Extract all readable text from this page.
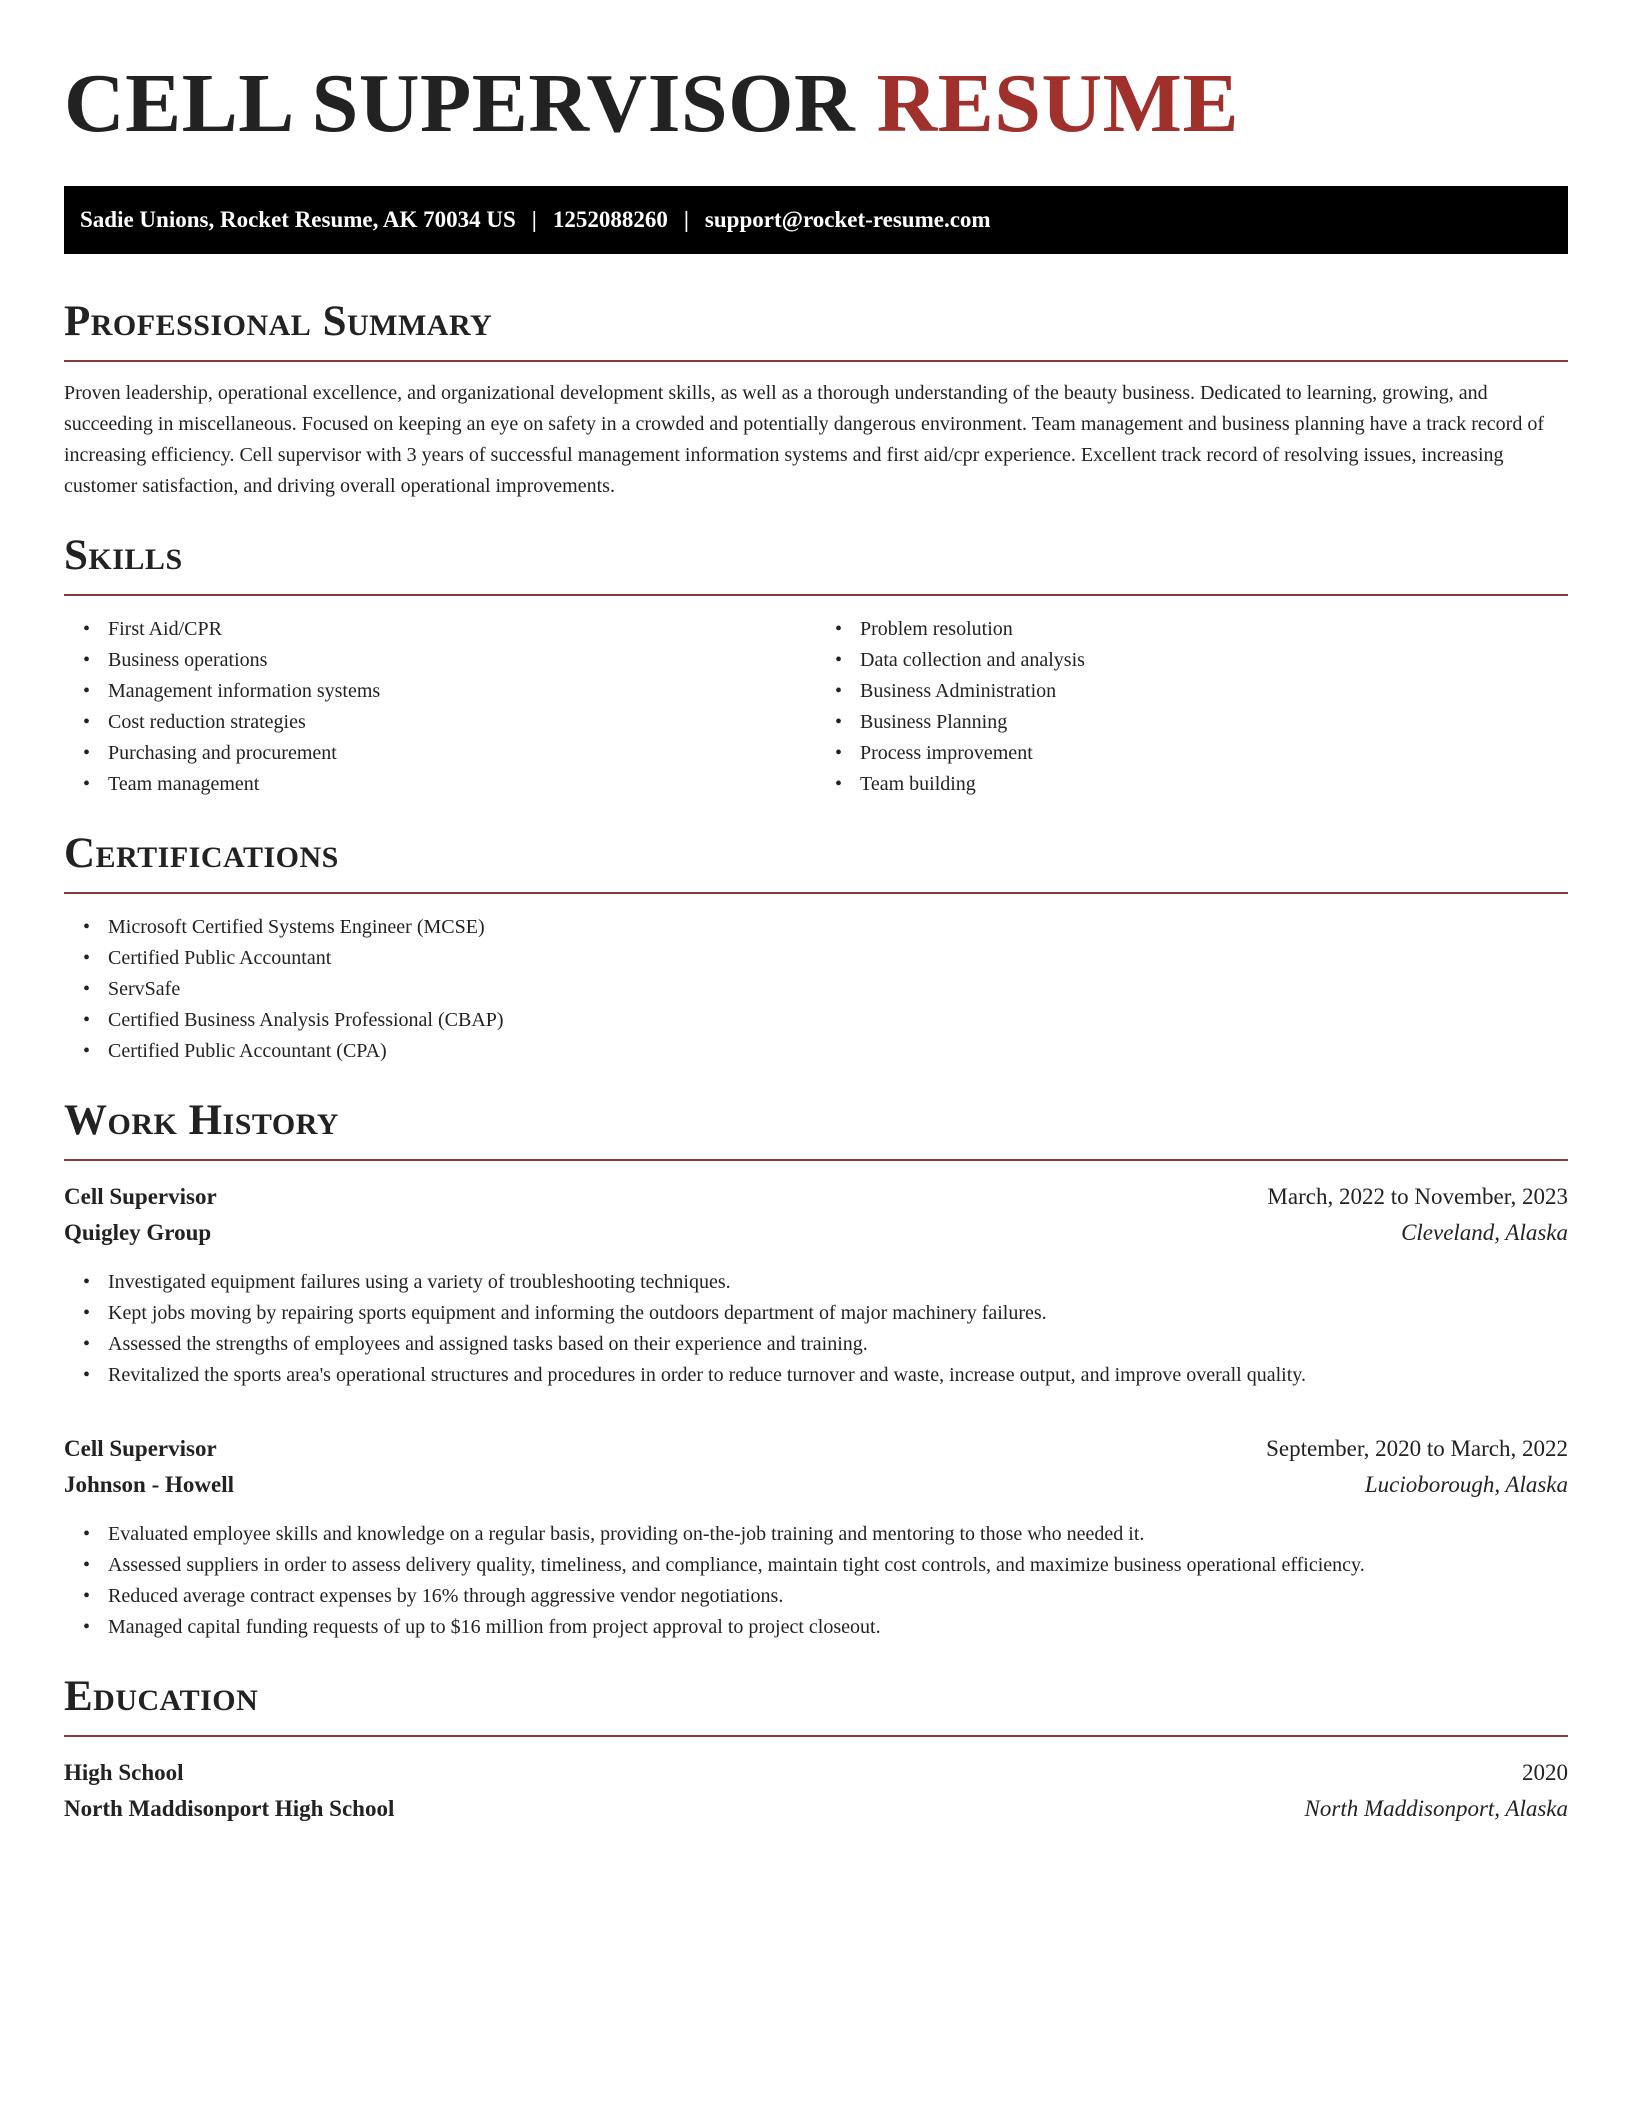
CELL SUPERVISOR RESUME
Sadie Unions, Rocket Resume, AK 70034 US | 1252088260 | support@rocket-resume.com
Professional Summary

Proven leadership, operational excellence, and organizational development skills, as well as a thorough understanding of the beauty business. Dedicated to learning, growing, and succeeding in miscellaneous. Focused on keeping an eye on safety in a crowded and potentially dangerous environment. Team management and business planning have a track record of increasing efficiency. Cell supervisor with 3 years of successful management information systems and first aid/cpr experience. Excellent track record of resolving issues, increasing customer satisfaction, and driving overall operational improvements.

Skills
• First Aid/CPR
• Business operations
• Management information systems
• Cost reduction strategies
• Purchasing and procurement
• Team management
• Problem resolution
• Data collection and analysis
• Business Administration
• Business Planning
• Process improvement
• Team building
Certifications
• Microsoft Certified Systems Engineer (MCSE)
• Certified Public Accountant
• ServSafe
• Certified Business Analysis Professional (CBAP)
• Certified Public Accountant (CPA)
Work History
Cell Supervisor	March, 2022 to November, 2023
Quigley Group	Cleveland, Alaska
• Investigated equipment failures using a variety of troubleshooting techniques.
• Kept jobs moving by repairing sports equipment and informing the outdoors department of major machinery failures.
• Assessed the strengths of employees and assigned tasks based on their experience and training.
• Revitalized the sports area's operational structures and procedures in order to reduce turnover and waste, increase output, and improve overall quality.
Cell Supervisor	September, 2020 to March, 2022
Johnson - Howell	Lucioborough, Alaska
• Evaluated employee skills and knowledge on a regular basis, providing on-the-job training and mentoring to those who needed it.
• Assessed suppliers in order to assess delivery quality, timeliness, and compliance, maintain tight cost controls, and maximize business operational efficiency.
• Reduced average contract expenses by 16% through aggressive vendor negotiations.
• Managed capital funding requests of up to $16 million from project approval to project closeout.
Education
High School	2020
North Maddisonport High School	North Maddisonport, Alaska
